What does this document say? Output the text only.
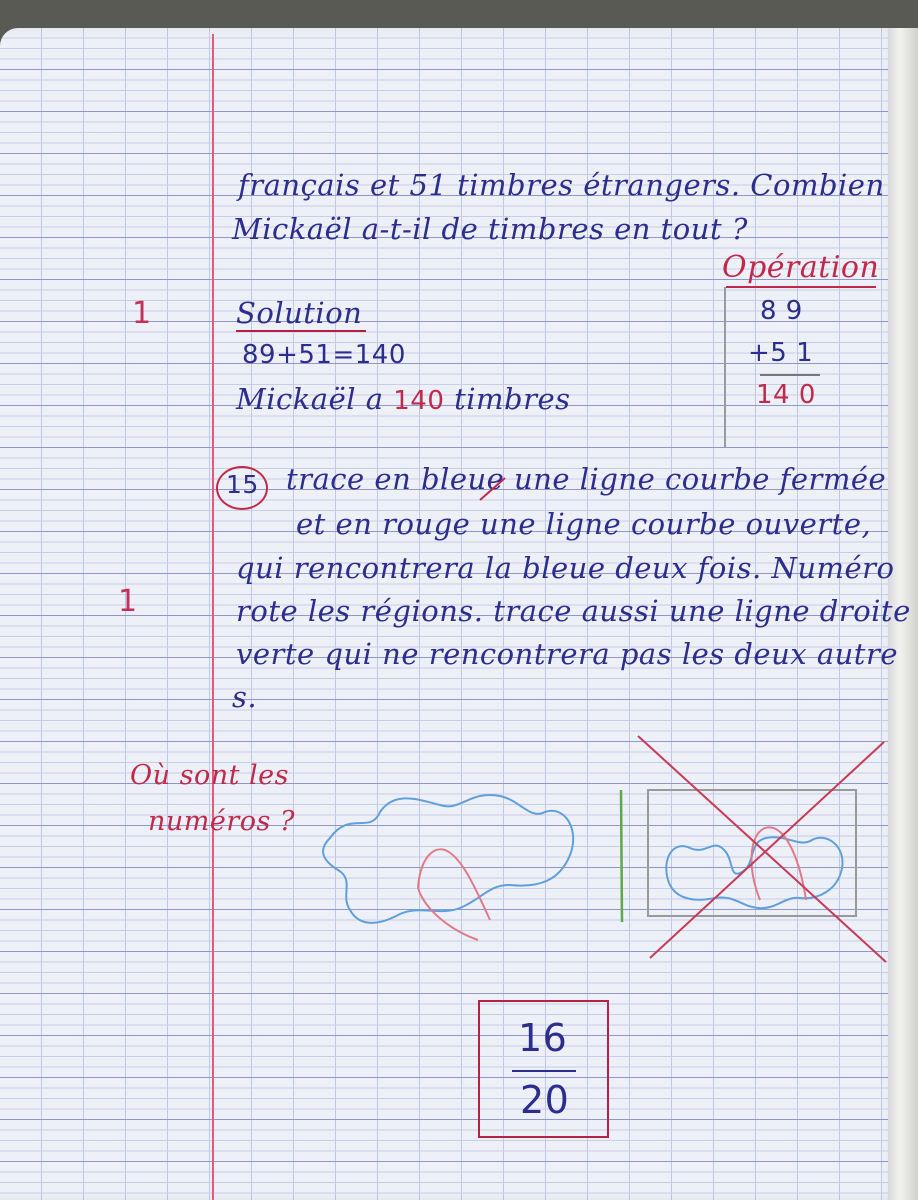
français et 51 timbres étrangers. Combien
Mickaël a-t-il de timbres en tout ?
Opération
8 9
+5 1
14 0
1	Solution
89+51=140
Mickaël a 140 timbres
15 trace en bleue une ligne courbe fermée
et en rouge une ligne courbe ouverte,
qui rencontrera la bleue deux fois. Numéro
rote les régions. trace aussi une ligne droite
verte qui ne rencontrera pas les deux autre
s.
1
Où sont les
numéros ?
16
20
